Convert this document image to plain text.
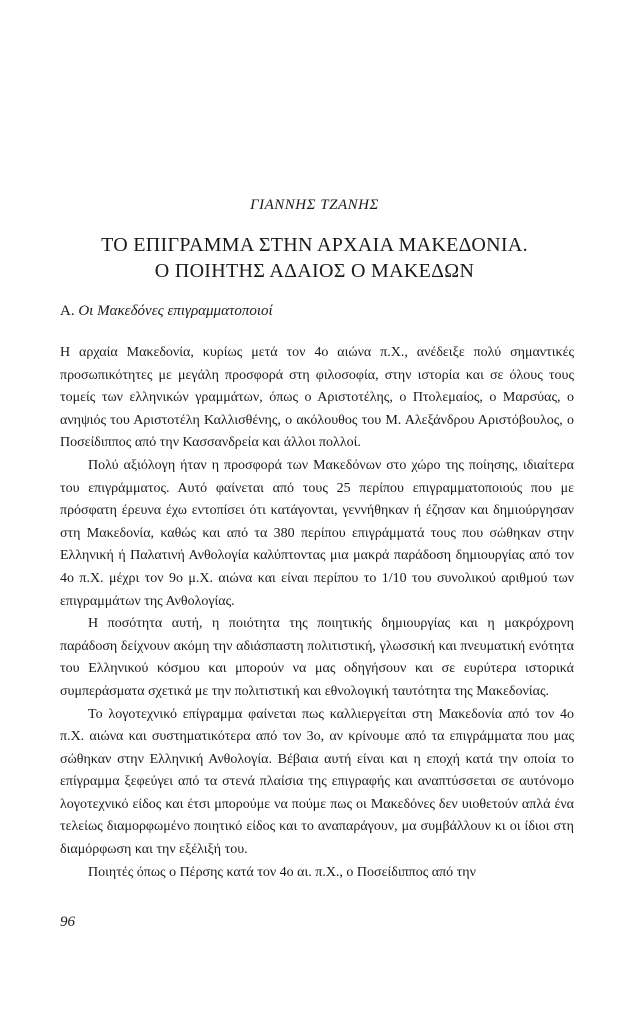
ΓΙΑΝΝΗΣ ΤΖΑΝΗΣ
ΤΟ ΕΠΙΓΡΑΜΜΑ ΣΤΗΝ ΑΡΧΑΙΑ ΜΑΚΕΔΟΝΙΑ.
Ο ΠΟΙΗΤΗΣ ΑΔΑΙΟΣ Ο ΜΑΚΕΔΩΝ
Α. Οι Μακεδόνες επιγραμματοποιοί

Η αρχαία Μακεδονία, κυρίως μετά τον 4ο αιώνα π.Χ., ανέδειξε πολύ σημαντικές προσωπικότητες με μεγάλη προσφορά στη φιλοσοφία, στην ιστορία και σε όλους τους τομείς των ελληνικών γραμμάτων, όπως ο Αριστοτέλης, ο Πτολεμαίος, ο Μαρσύας, ο ανηψιός του Αριστοτέλη Καλλισθένης, ο ακόλουθος του Μ. Αλεξάνδρου Αριστόβουλος, ο Ποσείδιππος από την Κασσανδρεία και άλλοι πολλοί.

Πολύ αξιόλογη ήταν η προσφορά των Μακεδόνων στο χώρο της ποίησης, ιδιαίτερα του επιγράμματος. Αυτό φαίνεται από τους 25 περίπου επιγραμματοποιούς που με πρόσφατη έρευνα έχω εντοπίσει ότι κατάγονται, γεννήθηκαν ή έζησαν και δημιούργησαν στη Μακεδονία, καθώς και από τα 380 περίπου επιγράμματά τους που σώθηκαν στην Ελληνική ή Παλατινή Ανθολογία καλύπτοντας μια μακρά παράδοση δημιουργίας από τον 4ο π.Χ. μέχρι τον 9ο μ.Χ. αιώνα και είναι περίπου το 1/10 του συνολικού αριθμού των επιγραμμάτων της Ανθολογίας.

Η ποσότητα αυτή, η ποιότητα της ποιητικής δημιουργίας και η μακρόχρονη παράδοση δείχνουν ακόμη την αδιάσπαστη πολιτιστική, γλωσσική και πνευματική ενότητα του Ελληνικού κόσμου και μπορούν να μας οδηγήσουν και σε ευρύτερα ιστορικά συμπεράσματα σχετικά με την πολιτιστική και εθνολογική ταυτότητα της Μακεδονίας.

Το λογοτεχνικό επίγραμμα φαίνεται πως καλλιεργείται στη Μακεδονία από τον 4ο π.Χ. αιώνα και συστηματικότερα από τον 3ο, αν κρίνουμε από τα επιγράμματα που μας σώθηκαν στην Ελληνική Ανθολογία. Βέβαια αυτή είναι και η εποχή κατά την οποία το επίγραμμα ξεφεύγει από τα στενά πλαίσια της επιγραφής και αναπτύσσεται σε αυτόνομο λογοτεχνικό είδος και έτσι μπορούμε να πούμε πως οι Μακεδόνες δεν υιοθετούν απλά ένα τελείως διαμορφωμένο ποιητικό είδος και το αναπαράγουν, μα συμβάλλουν κι οι ίδιοι στη διαμόρφωση και την εξέλιξή του.

Ποιητές όπως ο Πέρσης κατά τον 4ο αι. π.Χ., ο Ποσείδιππος από την

96
